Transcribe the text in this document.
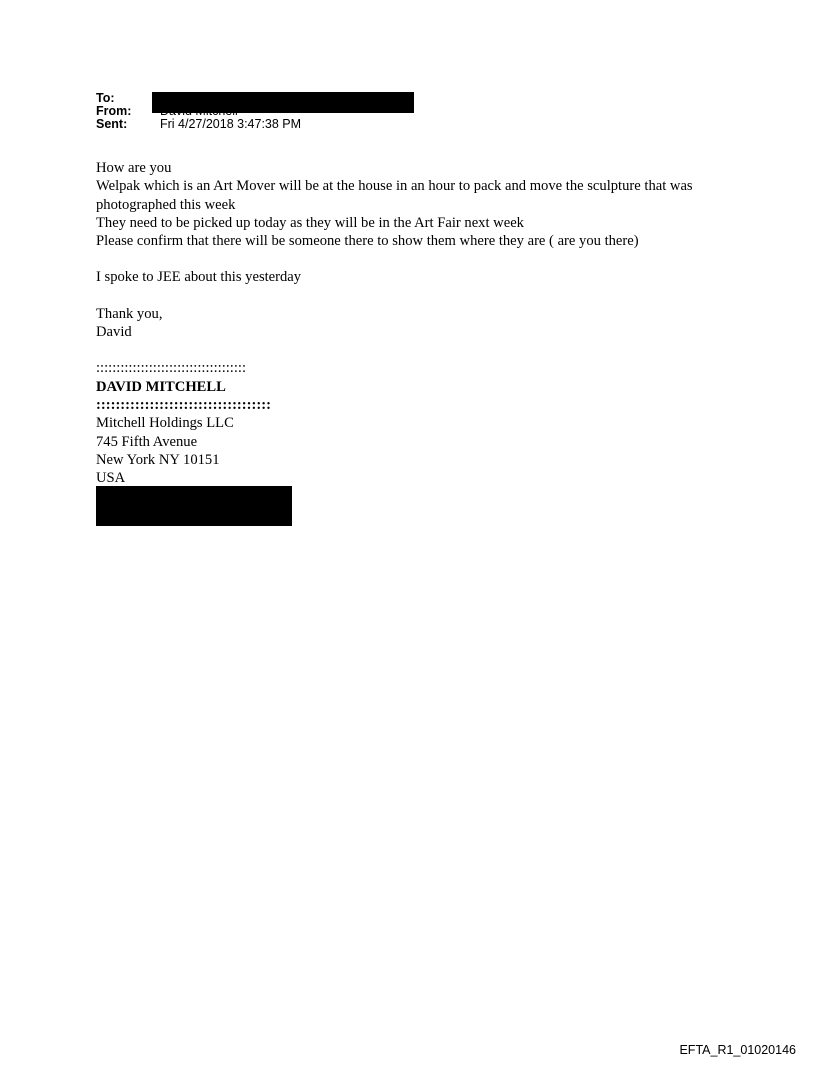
To:
From: David Mitchell
Sent:	Fri 4/27/2018 3:47:38 PM

How are you

Welpak which is an Art Mover will be at the house in an hour to pack and move the sculpture that was photographed this week

They need to be picked up today as they will be in the Art Fair next week

Please confirm that there will be someone there to show them where they are ( are you there)

I spoke to JEE about this yesterday

Thank you,

David

:::::::::::::::::::::::::::::::::::::

DAVID MITCHELL

::::::::::::::::::::::::::::::::::::

Mitchell Holdings LLC

745 Fifth Avenue

New York NY 10151

USA

EFTA_R1_01020146
